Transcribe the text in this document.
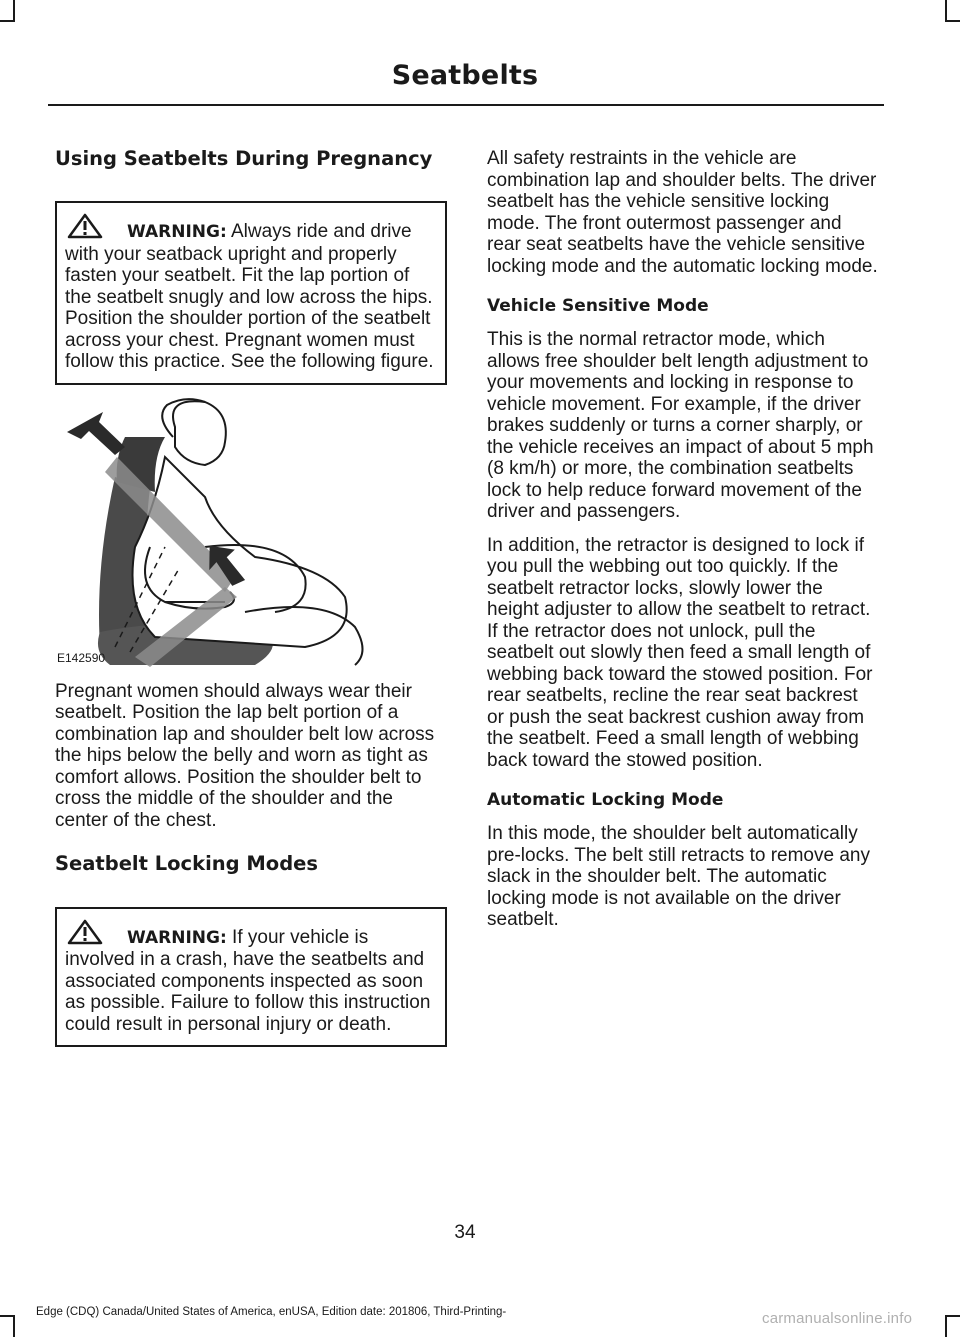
Seatbelts
Using Seatbelts During Pregnancy
WARNING: Always ride and drive with your seatback upright and properly fasten your seatbelt. Fit the lap portion of the seatbelt snugly and low across the hips. Position the shoulder portion of the seatbelt across your chest. Pregnant women must follow this practice. See the following figure.
E142590

Pregnant women should always wear their seatbelt. Position the lap belt portion of a combination lap and shoulder belt low across the hips below the belly and worn as tight as comfort allows. Position the shoulder belt to cross the middle of the shoulder and the center of the chest.

Seatbelt Locking Modes
WARNING: If your vehicle is involved in a crash, have the seatbelts and associated components inspected as soon as possible. Failure to follow this instruction could result in personal injury or death.

All safety restraints in the vehicle are combination lap and shoulder belts. The driver seatbelt has the vehicle sensitive locking mode. The front outermost passenger and rear seat seatbelts have the vehicle sensitive locking mode and the automatic locking mode.

Vehicle Sensitive Mode

This is the normal retractor mode, which allows free shoulder belt length adjustment to your movements and locking in response to vehicle movement. For example, if the driver brakes suddenly or turns a corner sharply, or the vehicle receives an impact of about 5 mph (8 km/h) or more, the combination seatbelts lock to help reduce forward movement of the driver and passengers.

In addition, the retractor is designed to lock if you pull the webbing out too quickly. If the seatbelt retractor locks, slowly lower the height adjuster to allow the seatbelt to retract. If the retractor does not unlock, pull the seatbelt out slowly then feed a small length of webbing back toward the stowed position. For rear seatbelts, recline the rear seat backrest or push the seat backrest cushion away from the seatbelt. Feed a small length of webbing back toward the stowed position.

Automatic Locking Mode

In this mode, the shoulder belt automatically pre-locks. The belt still retracts to remove any slack in the shoulder belt. The automatic locking mode is not available on the driver seatbelt.

34
Edge (CDQ) Canada/United States of America, enUSA, Edition date: 201806, Third-Printing-	carmanualsonline.info
